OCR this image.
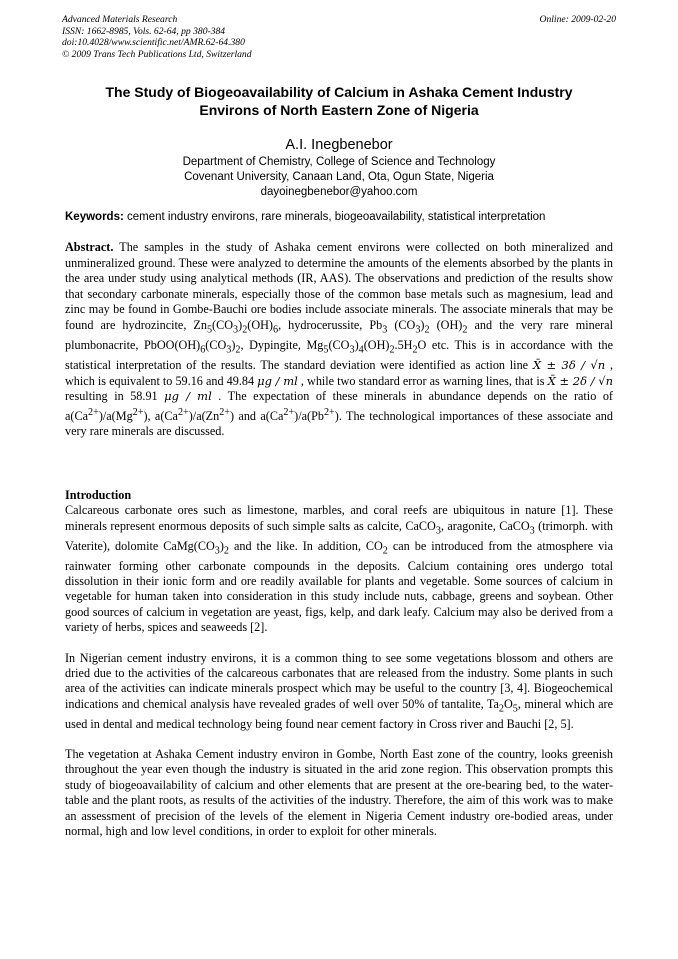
Advanced Materials Research
ISSN: 1662-8985, Vols. 62-64, pp 380-384
doi:10.4028/www.scientific.net/AMR.62-64.380
© 2009 Trans Tech Publications Ltd, Switzerland
Online: 2009-02-20
The Study of Biogeoavailability of Calcium in Ashaka Cement Industry
Environs of North Eastern Zone of Nigeria
A.I. Inegbenebor
Department of Chemistry, College of Science and Technology
Covenant University, Canaan Land, Ota, Ogun State, Nigeria
dayoinegbenebor@yahoo.com
Keywords: cement industry environs, rare minerals, biogeoavailability, statistical interpretation
Abstract. The samples in the study of Ashaka cement environs were collected on both mineralized and unmineralized ground. These were analyzed to determine the amounts of the elements absorbed by the plants in the area under study using analytical methods (IR, AAS). The observations and prediction of the results show that secondary carbonate minerals, especially those of the common base metals such as magnesium, lead and zinc may be found in Gombe-Bauchi ore bodies include associate minerals. The associate minerals that may be found are hydrozincite, $Zn_5(CO_3)_2(OH)_6$, hydrocerussite, $Pb_3$ $(CO_3)_2$ $(OH)_2$ and the very rare mineral plumbonacrite, $PbOO(OH)_6(CO_3)_2$, Dypingite, $Mg_5(CO_3)_4(OH)_2.5H_2O$ etc. This is in accordance with the statistical interpretation of the results. The standard deviation were identified as action line X̄ ± 3δ / √n , which is equivalent to 59.16 and 49.84 μg / ml , while two standard error as warning lines, that is X̄ ± 2δ / √n resulting in 58.91 μg / ml . The expectation of these minerals in abundance depends on the ratio of $a(Ca^{2+})/a(Mg^{2+})$, $a(Ca^{2+})/a(Zn^{2+})$ and $a(Ca^{2+})/a(Pb^{2+})$. The technological importances of these associate and very rare minerals are discussed.
Introduction
Calcareous carbonate ores such as limestone, marbles, and coral reefs are ubiquitous in nature [1]. These minerals represent enormous deposits of such simple salts as calcite, CaCO$_3$, aragonite, CaCO$_3$ (trimorph. with Vaterite), dolomite $CaMg(CO_3)_2$ and the like. In addition, $CO_2$ can be introduced from the atmosphere via rainwater forming other carbonate compounds in the deposits. Calcium containing ores undergo total dissolution in their ionic form and ore readily available for plants and vegetable. Some sources of calcium in vegetable for human taken into consideration in this study include nuts, cabbage, greens and soybean. Other good sources of calcium in vegetation are yeast, figs, kelp, and dark leafy. Calcium may also be derived from a variety of herbs, spices and seaweeds [2].
In Nigerian cement industry environs, it is a common thing to see some vegetations blossom and others are dried due to the activities of the calcareous carbonates that are released from the industry. Some plants in such area of the activities can indicate minerals prospect which may be useful to the country [3, 4]. Biogeochemical indications and chemical analysis have revealed grades of well over 50% of tantalite, $Ta_2O_5$, mineral which are used in dental and medical technology being found near cement factory in Cross river and Bauchi [2, 5].
The vegetation at Ashaka Cement industry environ in Gombe, North East zone of the country, looks greenish throughout the year even though the industry is situated in the arid zone region. This observation prompts this study of biogeoavailability of calcium and other elements that are present at the ore-bearing bed, to the water-table and the plant roots, as results of the activities of the industry. Therefore, the aim of this work was to make an assessment of precision of the levels of the element in Nigeria Cement industry ore-bodied areas, under normal, high and low level conditions, in order to exploit for other minerals.
